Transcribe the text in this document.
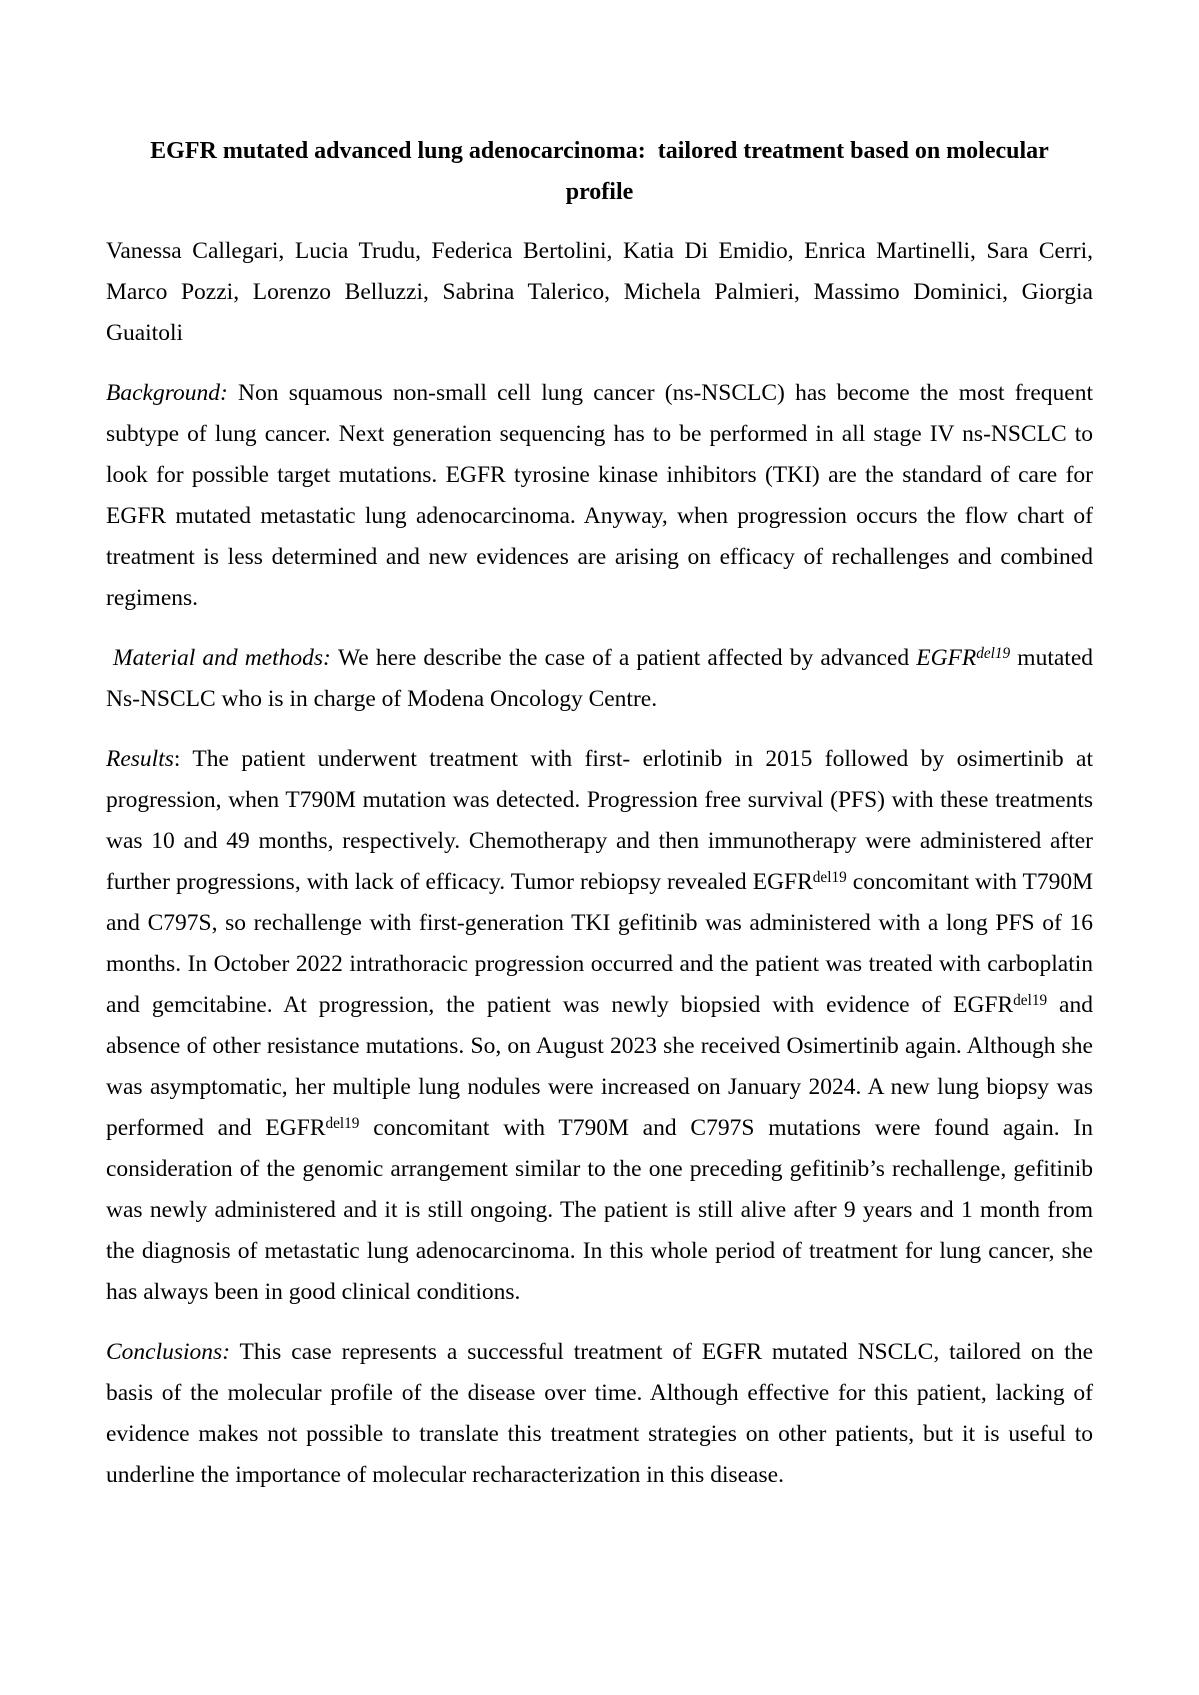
EGFR mutated advanced lung adenocarcinoma:  tailored treatment based on molecular
profile

Vanessa Callegari, Lucia Trudu, Federica Bertolini, Katia Di Emidio, Enrica Martinelli, Sara Cerri, Marco Pozzi, Lorenzo Belluzzi, Sabrina Talerico, Michela Palmieri, Massimo Dominici, Giorgia Guaitoli

Background: Non squamous non-small cell lung cancer (ns-NSCLC) has become the most frequent subtype of lung cancer. Next generation sequencing has to be performed in all stage IV ns-NSCLC to look for possible target mutations. EGFR tyrosine kinase inhibitors (TKI) are the standard of care for EGFR mutated metastatic lung adenocarcinoma. Anyway, when progression occurs the flow chart of treatment is less determined and new evidences are arising on efficacy of rechallenges and combined regimens.

Material and methods: We here describe the case of a patient affected by advanced $EGFR^{del19}$ mutated Ns-NSCLC who is in charge of Modena Oncology Centre.

Results: The patient underwent treatment with first- erlotinib in 2015 followed by osimertinib at progression, when T790M mutation was detected. Progression free survival (PFS) with these treatments was 10 and 49 months, respectively. Chemotherapy and then immunotherapy were administered after further progressions, with lack of efficacy. Tumor rebiopsy revealed $EGFR^{del19}$ concomitant with T790M and C797S, so rechallenge with first-generation TKI gefitinib was administered with a long PFS of 16 months. In October 2022 intrathoracic progression occurred and the patient was treated with carboplatin and gemcitabine. At progression, the patient was newly biopsied with evidence of $EGFR^{del19}$ and absence of other resistance mutations. So, on August 2023 she received Osimertinib again. Although she was asymptomatic, her multiple lung nodules were increased on January 2024. A new lung biopsy was performed and $EGFR^{del19}$ concomitant with T790M and C797S mutations were found again. In consideration of the genomic arrangement similar to the one preceding gefitinib’s rechallenge, gefitinib was newly administered and it is still ongoing. The patient is still alive after 9 years and 1 month from the diagnosis of metastatic lung adenocarcinoma. In this whole period of treatment for lung cancer, she has always been in good clinical conditions.

Conclusions: This case represents a successful treatment of EGFR mutated NSCLC, tailored on the basis of the molecular profile of the disease over time. Although effective for this patient, lacking of evidence makes not possible to translate this treatment strategies on other patients, but it is useful to underline the importance of molecular recharacterization in this disease.
